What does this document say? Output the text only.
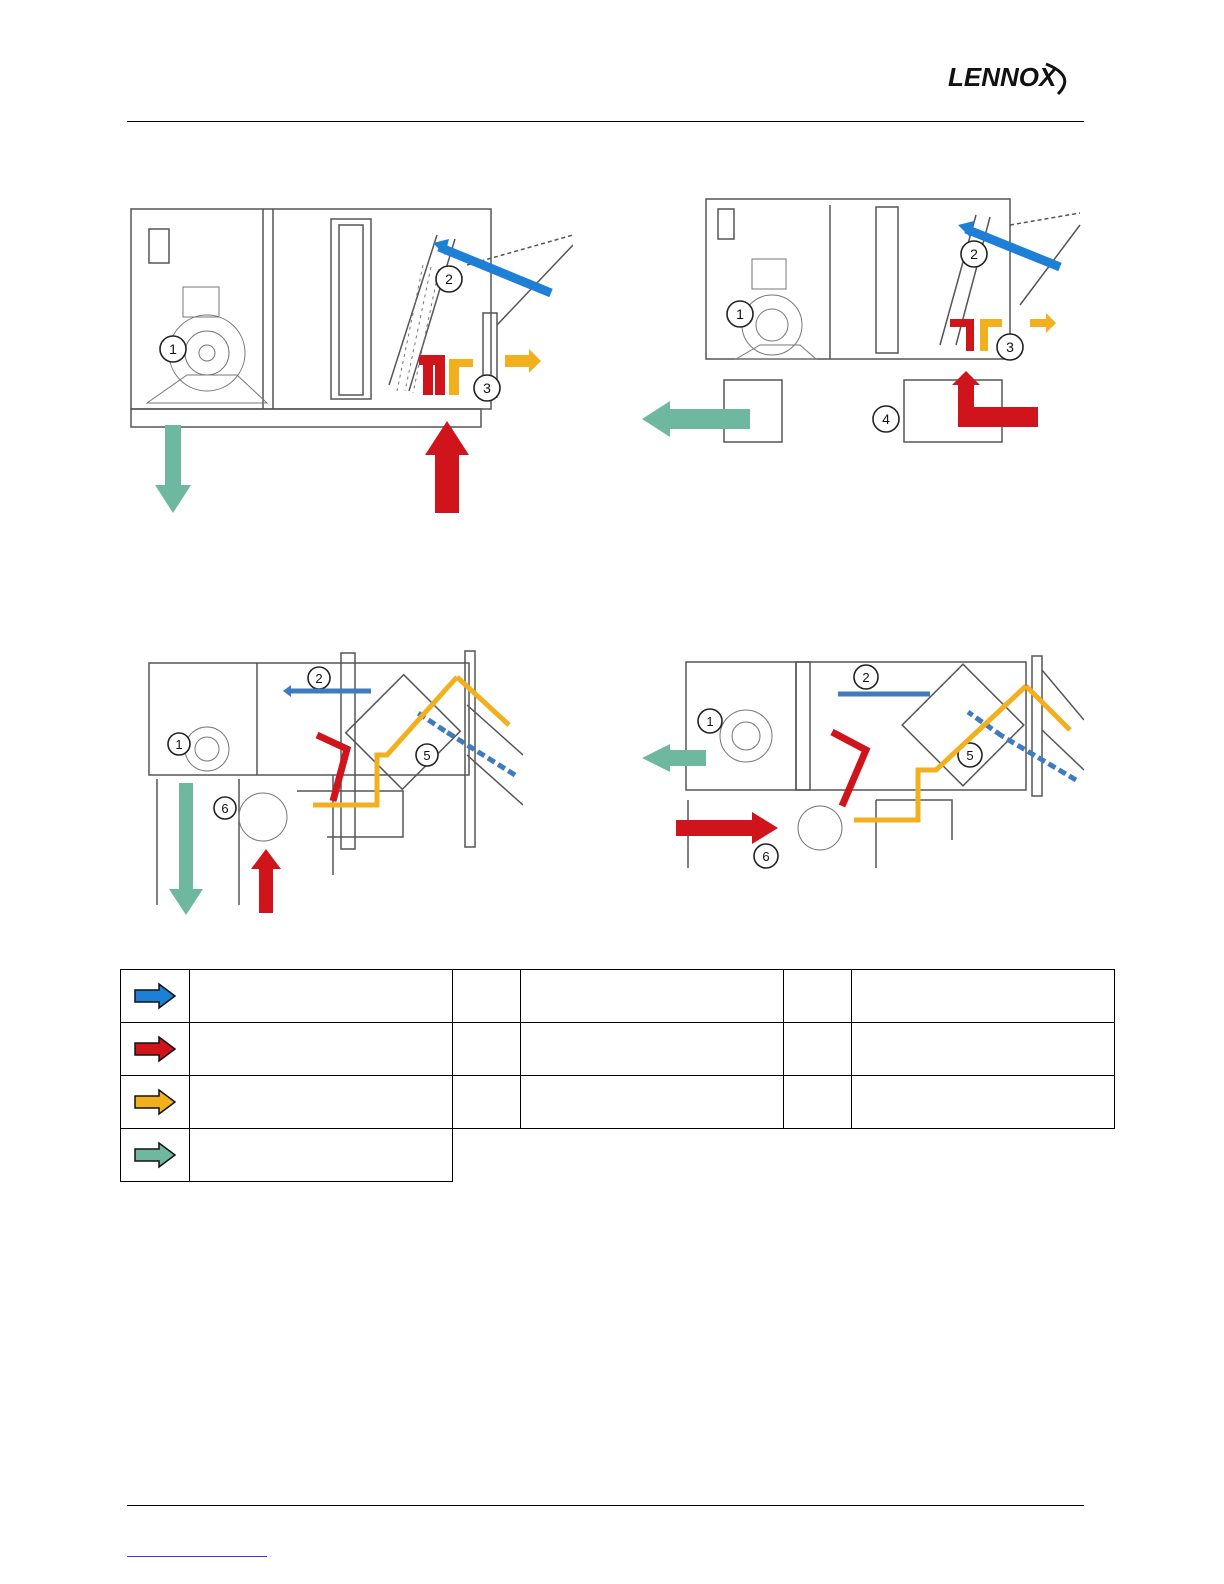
LENNOX
1
2
3
1
2
3
4
1
2
5
6
1
2
5
6
